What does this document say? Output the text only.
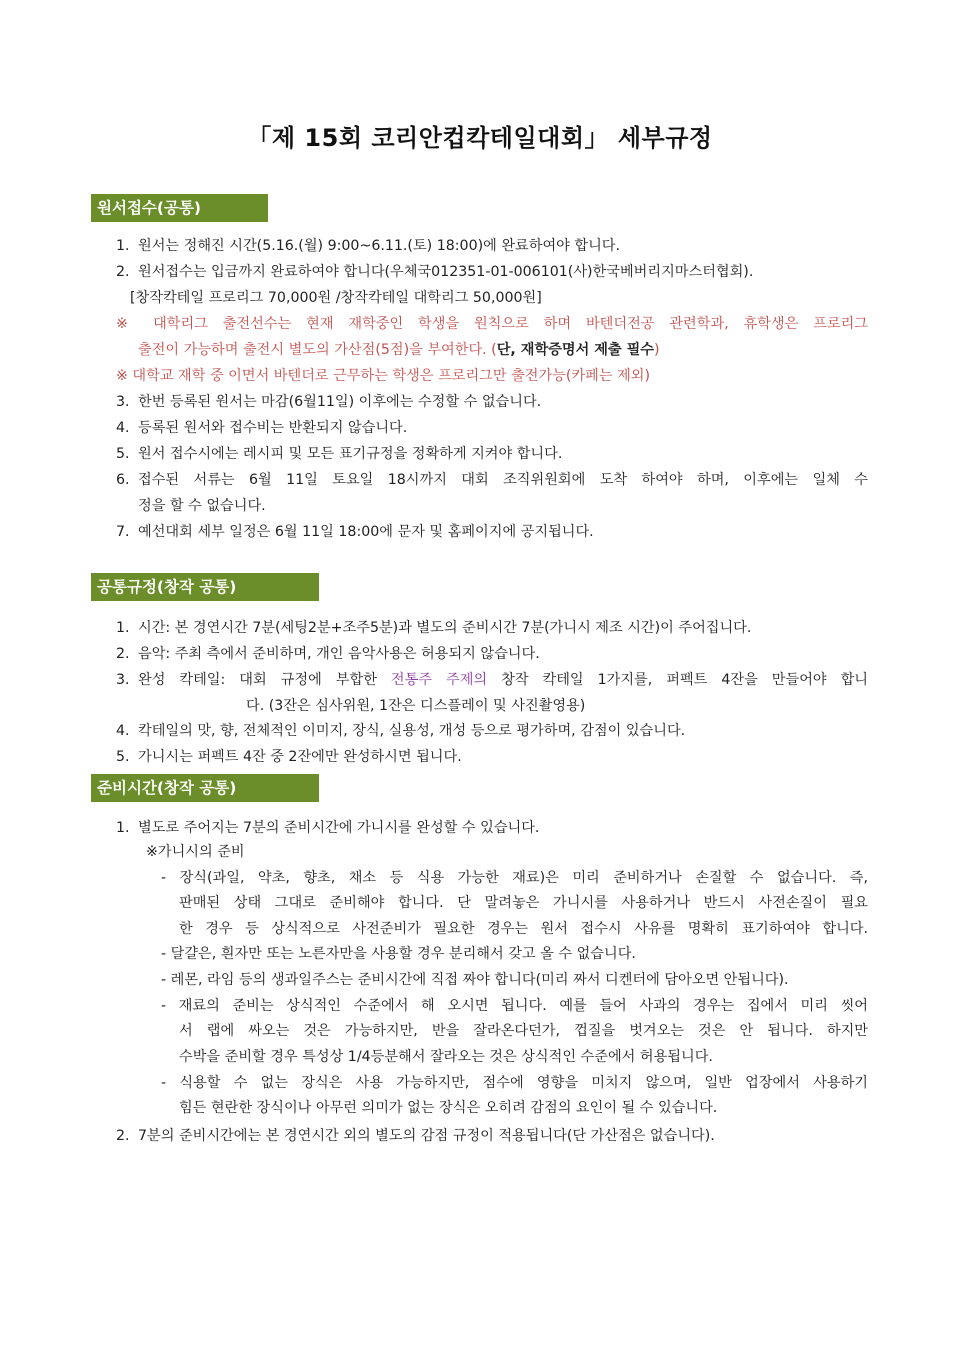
「제 15회 코리안컵칵테일대회」 세부규정
원서접수(공통)
1. 원서는 정해진 시간(5.16.(월) 9:00~6.11.(토) 18:00)에 완료하여야 합니다.
2. 원서접수는 입금까지 완료하여야 합니다(우체국012351-01-006101(사)한국베버리지마스터협회).
[창작칵테일 프로리그 70,000원 /창작칵테일 대학리그 50,000원]
※ 대학리그 출전선수는 현재 재학중인 학생을 원칙으로 하며 바텐더전공 관련학과, 휴학생은 프로리그
출전이 가능하며 출전시 별도의 가산점(5점)을 부여한다. (단, 재학증명서 제출 필수)
※ 대학교 재학 중 이면서 바텐더로 근무하는 학생은 프로리그만 출전가능(카페는 제외)
3. 한번 등록된 원서는 마감(6월11일) 이후에는 수정할 수 없습니다.
4. 등록된 원서와 접수비는 반환되지 않습니다.
5. 원서 접수시에는 레시피 및 모든 표기규정을 정확하게 지켜야 합니다.
6. 접수된 서류는 6월 11일 토요일 18시까지 대회 조직위원회에 도착 하여야 하며, 이후에는 일체 수
정을 할 수 없습니다.
7. 예선대회 세부 일정은 6월 11일 18:00에 문자 및 홈페이지에 공지됩니다.
공통규정(창작 공통)
1. 시간: 본 경연시간 7분(세팅2분+조주5분)과 별도의 준비시간 7분(가니시 제조 시간)이 주어집니다.
2. 음악: 주최 측에서 준비하며, 개인 음악사용은 허용되지 않습니다.
3. 완성 칵테일: 대회 규정에 부합한 전통주 주제의 창작 칵테일 1가지를, 퍼펙트 4잔을 만들어야 합니
다. (3잔은 심사위원, 1잔은 디스플레이 및 사진촬영용)
4. 칵테일의 맛, 향, 전체적인 이미지, 장식, 실용성, 개성 등으로 평가하며, 감점이 있습니다.
5. 가니시는 퍼펙트 4잔 중 2잔에만 완성하시면 됩니다.
준비시간(창작 공통)
1. 별도로 주어지는 7분의 준비시간에 가니시를 완성할 수 있습니다.
※가니시의 준비
- 장식(과일, 약초, 향초, 채소 등 식용 가능한 재료)은 미리 준비하거나 손질할 수 없습니다. 즉,
판매된 상태 그대로 준비해야 합니다. 단 말려놓은 가니시를 사용하거나 반드시 사전손질이 필요
한 경우 등 상식적으로 사전준비가 필요한 경우는 원서 접수시 사유를 명확히 표기하여야 합니다.
- 달걀은, 흰자만 또는 노른자만을 사용할 경우 분리해서 갖고 올 수 없습니다.
- 레몬, 라임 등의 생과일주스는 준비시간에 직접 짜야 합니다(미리 짜서 디켄터에 담아오면 안됩니다).
- 재료의 준비는 상식적인 수준에서 해 오시면 됩니다. 예를 들어 사과의 경우는 집에서 미리 씻어
서 랩에 싸오는 것은 가능하지만, 반을 잘라온다던가, 껍질을 벗겨오는 것은 안 됩니다. 하지만
수박을 준비할 경우 특성상 1/4등분해서 잘라오는 것은 상식적인 수준에서 허용됩니다.
- 식용할 수 없는 장식은 사용 가능하지만, 점수에 영향을 미치지 않으며, 일반 업장에서 사용하기
힘든 현란한 장식이나 아무런 의미가 없는 장식은 오히려 감점의 요인이 될 수 있습니다.
2. 7분의 준비시간에는 본 경연시간 외의 별도의 감점 규정이 적용됩니다(단 가산점은 없습니다).
